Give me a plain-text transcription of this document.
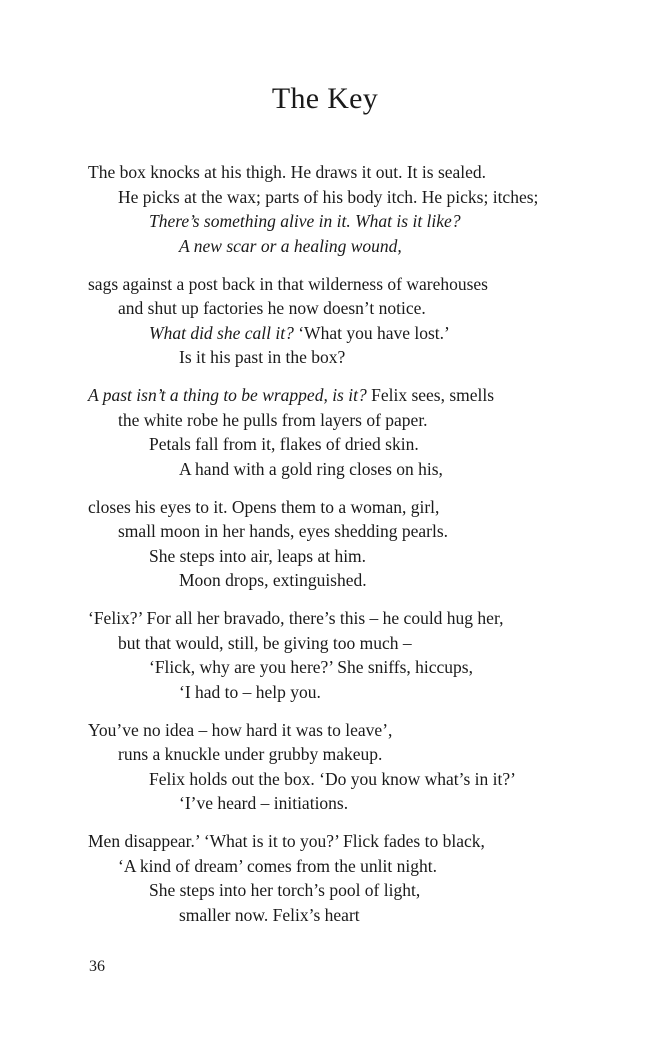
The Key
The box knocks at his thigh. He draws it out. It is sealed.
He picks at the wax; parts of his body itch. He picks; itches;
There’s something alive in it. What is it like?
A new scar or a healing wound,
sags against a post back in that wilderness of warehouses
and shut up factories he now doesn’t notice.
What did she call it? ‘What you have lost.’
Is it his past in the box?
A past isn’t a thing to be wrapped, is it? Felix sees, smells
the white robe he pulls from layers of paper.
Petals fall from it, flakes of dried skin.
A hand with a gold ring closes on his,
closes his eyes to it. Opens them to a woman, girl,
small moon in her hands, eyes shedding pearls.
She steps into air, leaps at him.
Moon drops, extinguished.
‘Felix?’ For all her bravado, there’s this – he could hug her,
but that would, still, be giving too much –
‘Flick, why are you here?’ She sniffs, hiccups,
‘I had to – help you.
You’ve no idea – how hard it was to leave’,
runs a knuckle under grubby makeup.
Felix holds out the box. ‘Do you know what’s in it?’
‘I’ve heard – initiations.
Men disappear.’ ‘What is it to you?’ Flick fades to black,
‘A kind of dream’ comes from the unlit night.
She steps into her torch’s pool of light,
smaller now. Felix’s heart
36
